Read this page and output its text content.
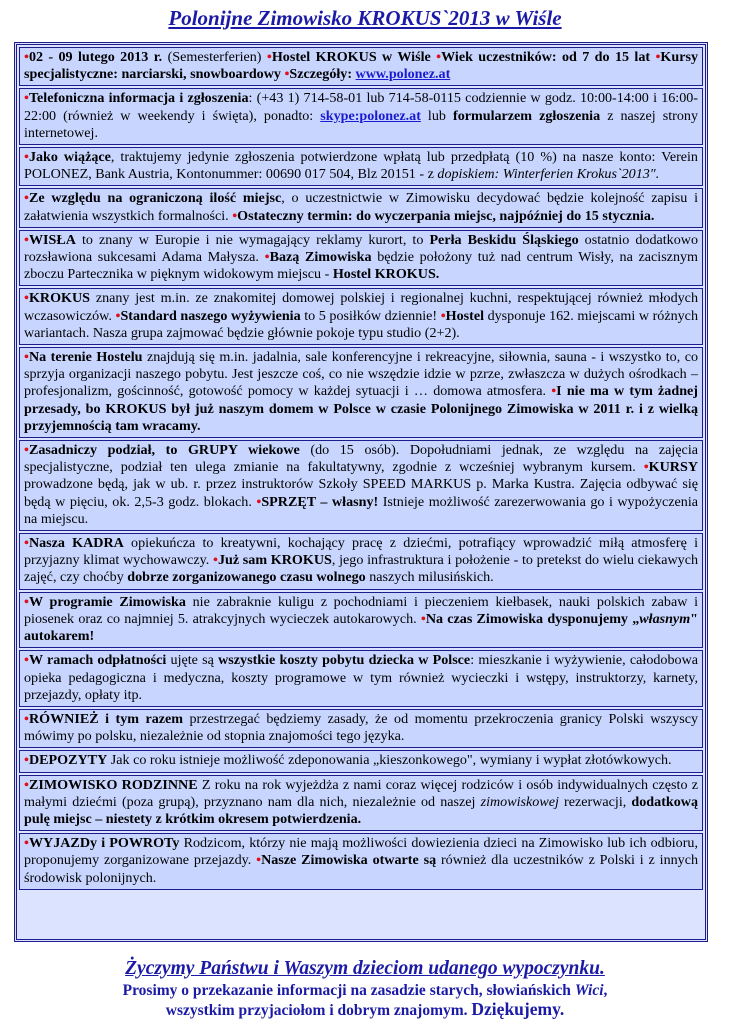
Polonijne Zimowisko KROKUS`2013 w Wiśle
•02 - 09 lutego 2013 r. (Semesterferien) •Hostel KROKUS w Wiśle •Wiek uczestników: od 7 do 15 lat •Kursy specjalistyczne: narciarski, snowboardowy •Szczegóły: www.polonez.at
•Telefoniczna informacja i zgłoszenia: (+43 1) 714-58-01 lub 714-58-0115 codziennie w godz. 10:00-14:00 i 16:00-22:00 (również w weekendy i święta), ponadto: skype:polonez.at lub formularzem zgłoszenia z naszej strony internetowej.
•Jako wiążące, traktujemy jedynie zgłoszenia potwierdzone wpłatą lub przedpłatą (10 %) na nasze konto: Verein POLONEZ, Bank Austria, Kontonummer: 00690 017 504, Blz 20151 - z dopiskiem: Winterferien Krokus`2013".
•Ze względu na ograniczoną ilość miejsc, o uczestnictwie w Zimowisku decydować będzie kolejność zapisu i załatwienia wszystkich formalności. •Ostateczny termin: do wyczerpania miejsc, najpóźniej do 15 stycznia.
•WISŁA to znany w Europie i nie wymagający reklamy kurort, to Perła Beskidu Śląskiego ostatnio dodatkowo rozsławiona sukcesami Adama Małysza. •Bazą Zimowiska będzie położony tuż nad centrum Wisły, na zacisznym zboczu Partecznika w pięknym widokowym miejscu - Hostel KROKUS.
•KROKUS znany jest m.in. ze znakomitej domowej polskiej i regionalnej kuchni, respektującej również młodych wczasowiczów. •Standard naszego wyżywienia to 5 posiłków dziennie! •Hostel dysponuje 162. miejscami w różnych wariantach. Nasza grupa zajmować będzie głównie pokoje typu studio (2+2).
•Na terenie Hostelu znajdują się m.in. jadalnia, sale konferencyjne i rekreacyjne, siłownia, sauna - i wszystko to, co sprzyja organizacji naszego pobytu. Jest jeszcze coś, co nie wszędzie idzie w pzrze, zwłaszcza w dużych ośrodkach – profesjonalizm, gościnność, gotowość pomocy w każdej sytuacji i … domowa atmosfera. •I nie ma w tym żadnej przesady, bo KROKUS był już naszym domem w Polsce w czasie Polonijnego Zimowiska w 2011 r. i z wielką przyjemnością tam wracamy.
•Zasadniczy podział, to GRUPY wiekowe (do 15 osób). Dopołudniami jednak, ze względu na zajęcia specjalistyczne, podział ten ulega zmianie na fakultatywny, zgodnie z wcześniej wybranym kursem. •KURSY prowadzone będą, jak w ub. r. przez instruktorów Szkoły SPEED MARKUS p. Marka Kustra. Zajęcia odbywać się będą w pięciu, ok. 2,5-3 godz. blokach. •SPRZĘT – własny! Istnieje możliwość zarezerwowania go i wypożyczenia na miejscu.
•Nasza KADRA opiekuńcza to kreatywni, kochający pracę z dziećmi, potrafiący wprowadzić miłą atmosferę i przyjazny klimat wychowawczy. •Już sam KROKUS, jego infrastruktura i położenie - to pretekst do wielu ciekawych zajęć, czy choćby dobrze zorganizowanego czasu wolnego naszych milusińskich.
•W programie Zimowiska nie zabraknie kuligu z pochodniami i pieczeniem kiełbasek, nauki polskich zabaw i piosenek oraz co najmniej 5. atrakcyjnych wycieczek autokarowych. •Na czas Zimowiska dysponujemy „własnym" autokarem!
•W ramach odpłatności ujęte są wszystkie koszty pobytu dziecka w Polsce: mieszkanie i wyżywienie, całodobowa opieka pedagogiczna i medyczna, koszty programowe w tym również wycieczki i wstępy, instruktorzy, karnety, przejazdy, opłaty itp.
•RÓWNIEŻ i tym razem przestrzegać będziemy zasady, że od momentu przekroczenia granicy Polski wszyscy mówimy po polsku, niezależnie od stopnia znajomości tego języka.
•DEPOZYTY Jak co roku istnieje możliwość zdeponowania „kieszonkowego", wymiany i wypłat złotówkowych.
•ZIMOWISKO RODZINNE Z roku na rok wyjeżdża z nami coraz więcej rodziców i osób indywidualnych często z małymi dziećmi (poza grupą), przyznano nam dla nich, niezależnie od naszej zimowiskowej rezerwacji, dodatkową pulę miejsc – niestety z krótkim okresem potwierdzenia.
•WYJAZDy i POWROTy Rodzicom, którzy nie mają możliwości dowiezienia dzieci na Zimowisko lub ich odbioru, proponujemy zorganizowane przejazdy. •Nasze Zimowiska otwarte są również dla uczestników z Polski i z innych środowisk polonijnych.
Życzymy Państwu i Waszym dzieciom udanego wypoczynku.
Prosimy o przekazanie informacji na zasadzie starych, słowiańskich Wici,
wszystkim przyjaciołom i dobrym znajomym. Dziękujemy.
